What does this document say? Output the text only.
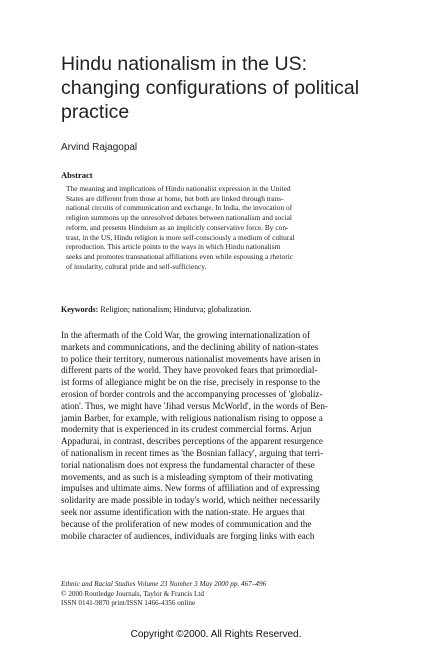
Hindu nationalism in the US:
changing configurations of political
practice
Arvind Rajagopal
Abstract
The meaning and implications of Hindu nationalist expression in the United
States are different from those at home, but both are linked through trans-
national circuits of communication and exchange. In India, the invocation of
religion summons up the unresolved debates between nationalism and social
reform, and presents Hinduism as an implicitly conservative force. By con-
trast, in the US, Hindu religion is more self-consciously a medium of cultural
reproduction. This article points to the ways in which Hindu nationalism
seeks and promotes transnational affiliations even while espousing a rhetoric
of insularity, cultural pride and self-sufficiency.
Keywords: Religion; nationalism; Hindutva; globalization.
In the aftermath of the Cold War, the growing internationalization of
markets and communications, and the declining ability of nation-states
to police their territory, numerous nationalist movements have arisen in
different parts of the world. They have provoked fears that primordial-
ist forms of allegiance might be on the rise, precisely in response to the
erosion of border controls and the accompanying processes of 'globaliz-
ation'. Thus, we might have 'Jihad versus McWorld', in the words of Ben-
jamin Barber, for example, with religious nationalism rising to oppose a
modernity that is experienced in its crudest commercial forms. Arjun
Appadurai, in contrast, describes perceptions of the apparent resurgence
of nationalism in recent times as 'the Bosnian fallacy', arguing that terri-
torial nationalism does not express the fundamental character of these
movements, and as such is a misleading symptom of their motivating
impulses and ultimate aims. New forms of affiliation and of expressing
solidarity are made possible in today's world, which neither necessarily
seek nor assume identification with the nation-state. He argues that
because of the proliferation of new modes of communication and the
mobile character of audiences, individuals are forging links with each
Ethnic and Racial Studies Volume 23 Number 3 May 2000 pp. 467–496
© 2000 Routledge Journals, Taylor & Francis Ltd
ISSN 0141-9870 print/ISSN 1466-4356 online
Copyright ©2000. All Rights Reserved.
